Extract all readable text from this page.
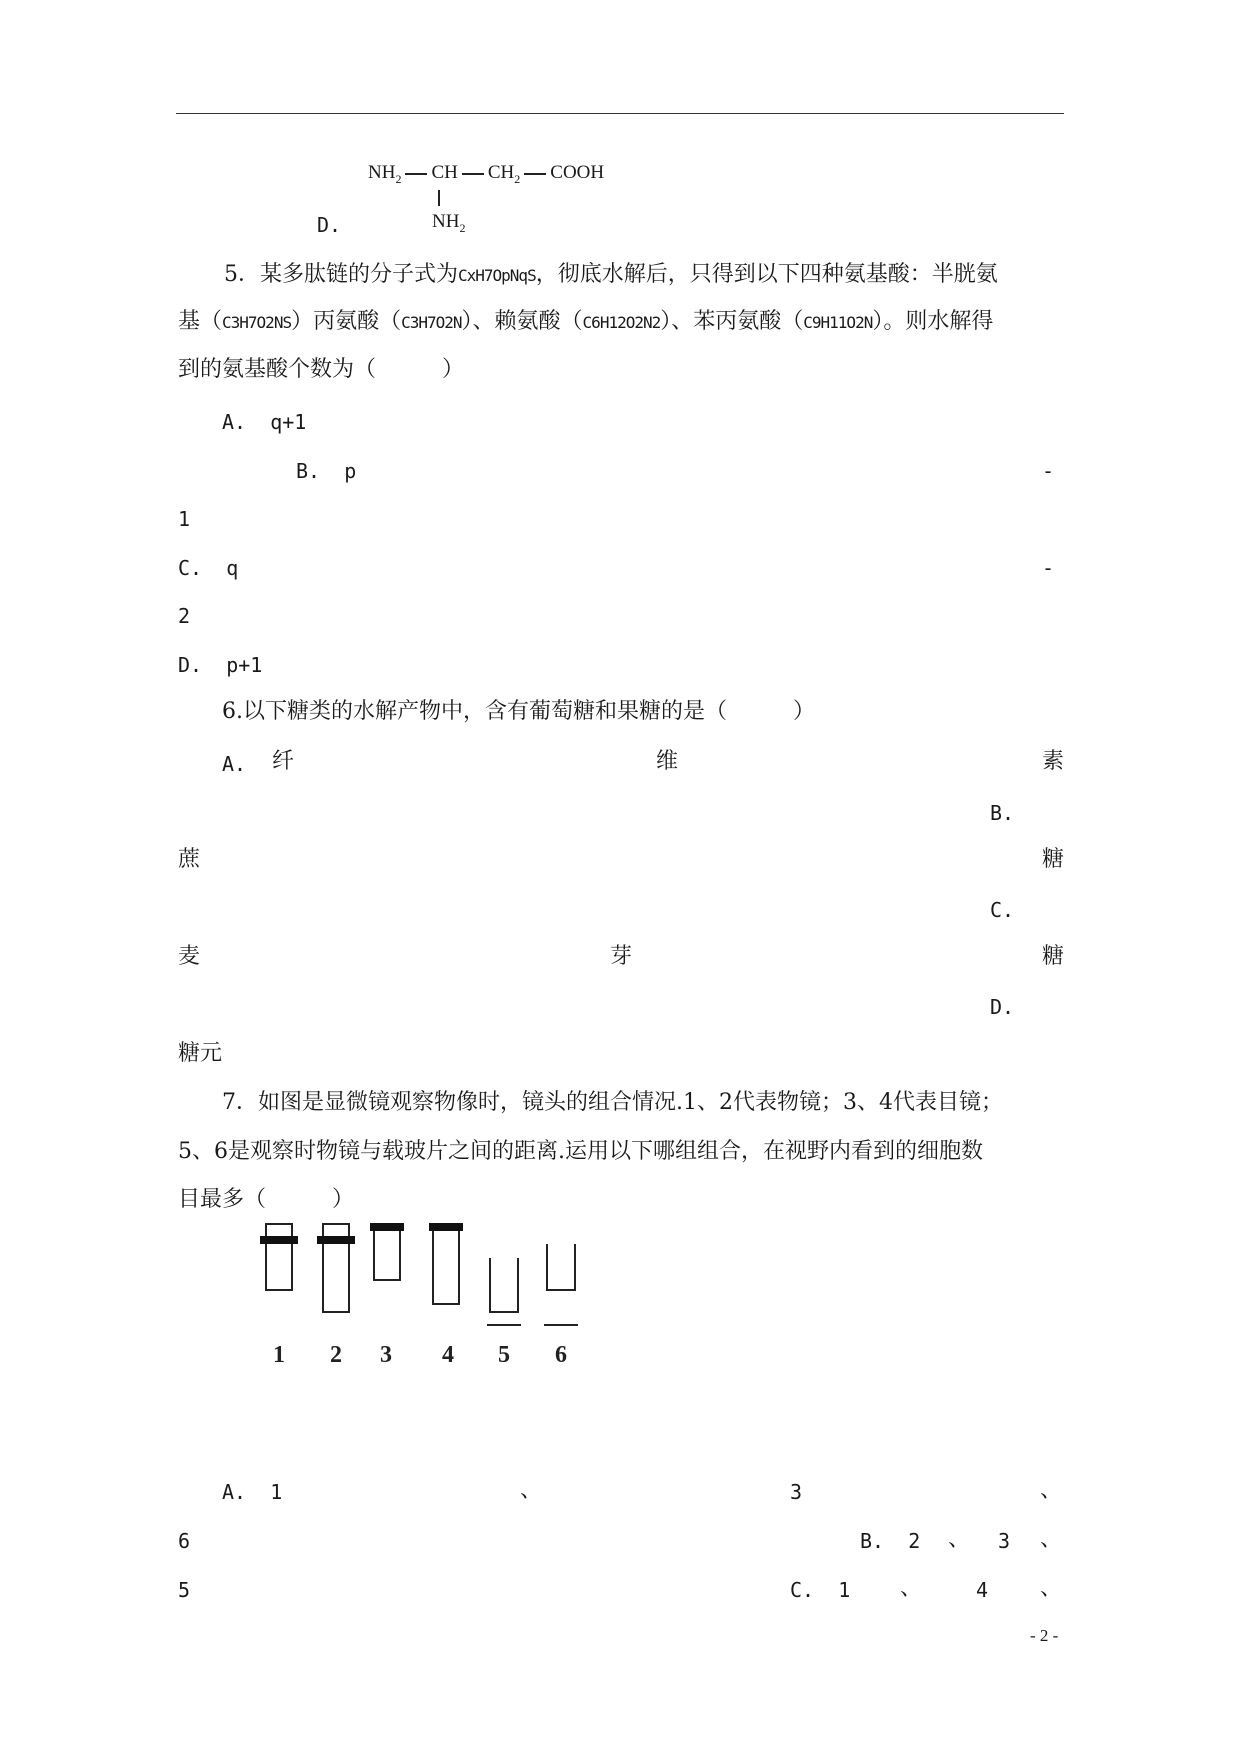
$NH_2$ CH $CH_2$ COOH
$NH_2$
D.
5．某多肽链的分子式为CxH7OpNqS，彻底水解后，只得到以下四种氨基酸：半胱氨
基（C3H7O2NS）丙氨酸（C3H7O2N）、赖氨酸（C6H12O2N2）、苯丙氨酸（C9H11O2N）。则水解得
到的氨基酸个数为（　　　）
A. q+1
B. p	-
1
C. q	-
2
D. p+1
6.以下糖类的水解产物中，含有葡萄糖和果糖的是（　　　）
A. 纤	维	素
B.
蔗	糖
C.
麦	芽	糖
D.
糖元
7．如图是显微镜观察物像时，镜头的组合情况.1、2代表物镜；3、4代表目镜；
5、6是观察时物镜与载玻片之间的距离.运用以下哪组组合，在视野内看到的细胞数
目最多（　　　）
1 2 3 4 5 6
A. 1	、	3	、
6	B. 2 、 3 、
5	C. 1 、	4 、
- 2 -
